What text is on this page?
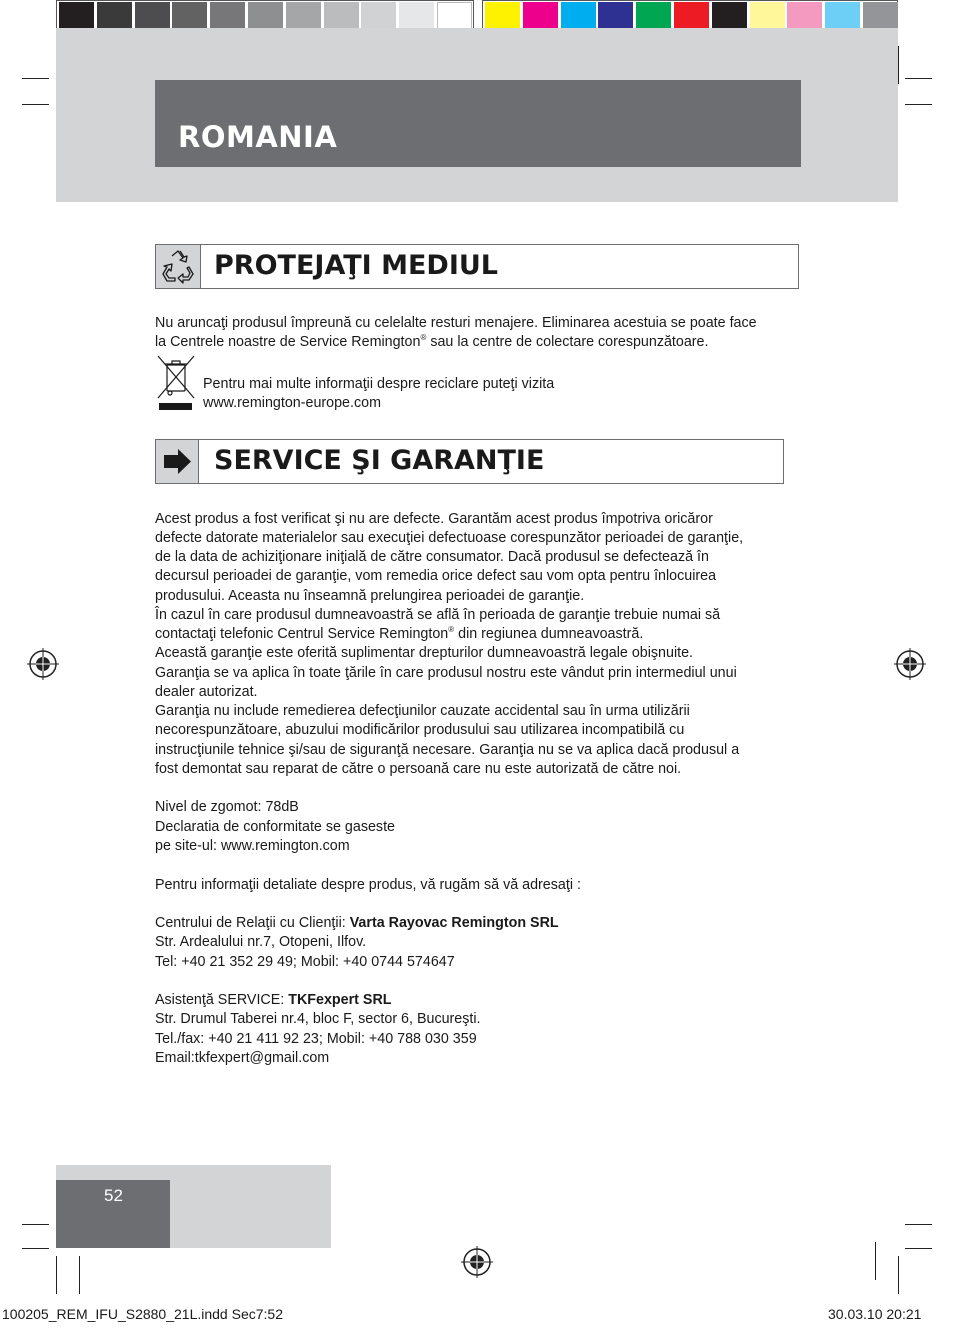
ROMANIA
PROTEJAŢI MEDIUL
Nu aruncaţi produsul împreună cu celelalte resturi menajere. Eliminarea acestuia se poate face
la Centrele noastre de Service Remington® sau la centre de colectare corespunzătoare.
Pentru mai multe informaţii despre reciclare puteţi vizita
www.remington-europe.com
SERVICE ŞI GARANŢIE
Acest produs a fost verificat şi nu are defecte. Garantăm acest produs împotriva oricăror
defecte datorate materialelor sau execuţiei defectuoase corespunzător perioadei de garanţie,
de la data de achiziţionare iniţială de către consumator. Dacă produsul se defectează în
decursul perioadei de garanţie, vom remedia orice defect sau vom opta pentru înlocuirea
produsului. Aceasta nu înseamnă prelungirea perioadei de garanţie.
În cazul în care produsul dumneavoastră se află în perioada de garanţie trebuie numai să
contactaţi telefonic Centrul Service Remington® din regiunea dumneavoastră.
Această garanţie este oferită suplimentar drepturilor dumneavoastră legale obişnuite.
Garanţia se va aplica în toate ţările în care produsul nostru este vândut prin intermediul unui
dealer autorizat.
Garanţia nu include remedierea defecţiunilor cauzate accidental sau în urma utilizării
necorespunzătoare, abuzului modificărilor produsului sau utilizarea incompatibilă cu
instrucţiunile tehnice şi/sau de siguranţă necesare. Garanţia nu se va aplica dacă produsul a
fost demontat sau reparat de către o persoană care nu este autorizată de către noi.
Nivel de zgomot: 78dB
Declaratia de conformitate se gaseste
pe site-ul: www.remington.com
Pentru informaţii detaliate despre produs, vă rugăm să vă adresaţi :
Centrului de Relaţii cu Clienţii: Varta Rayovac Remington SRL
Str. Ardealului nr.7, Otopeni, Ilfov.
Tel: +40 21 352 29 49; Mobil: +40 0744 574647
Asistenţă SERVICE: TKFexpert SRL
Str. Drumul Taberei nr.4, bloc F, sector 6, Bucureşti.
Tel./fax: +40 21 411 92 23; Mobil: +40 788 030 359
Email:tkfexpert@gmail.com
52
100205_REM_IFU_S2880_21L.indd Sec7:52	30.03.10 20:21
